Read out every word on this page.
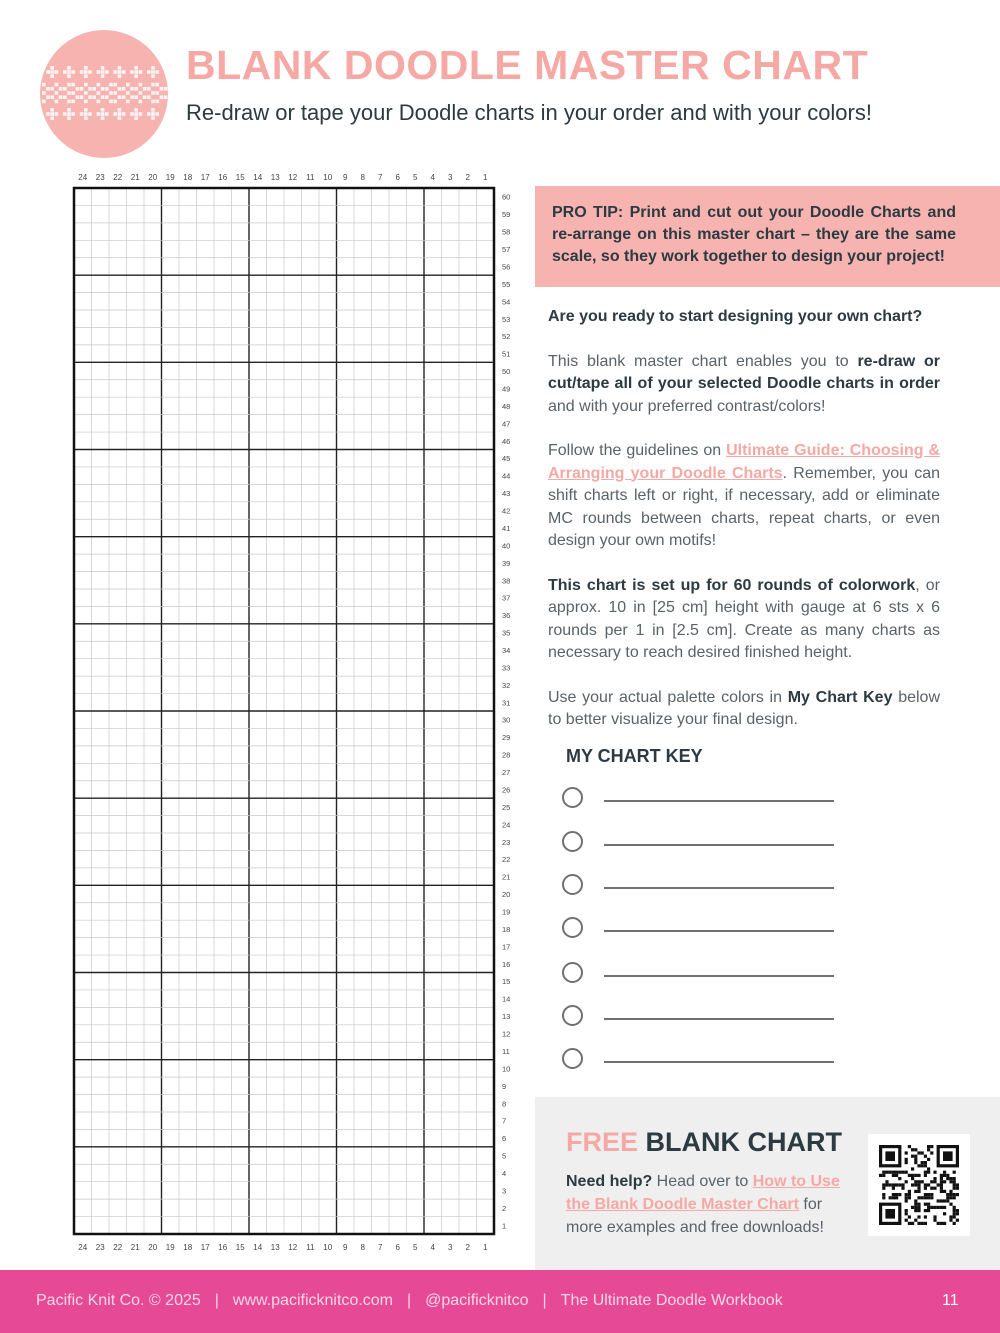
BLANK DOODLE MASTER CHART

Re-draw or tape your Doodle charts in your order and with your colors!

24
24
23
23
22
22
21
21
20
20
19
19
18
18
17
17
16
16
15
15
14
14
13
13
12
12
11
11
10
10
9
9
8
8
7
7
6
6
5
5
4
4
3
3
2
2
1
1
60
59
58
57
56
55
54
53
52
51
50
49
48
47
46
45
44
43
42
41
40
39
38
37
36
35
34
33
32
31
30
29
28
27
26
25
24
23
22
21
20
19
18
17
16
15
14
13
12
11
10
9
8
7
6
5
4
3
2
1
PRO TIP: Print and cut out your Doodle Charts and re-arrange on this master chart – they are the same scale, so they work together to design your project!

Are you ready to start designing your own chart?

This blank master chart enables you to re-draw or cut/tape all of your selected Doodle charts in order and with your preferred contrast/colors!

Follow the guidelines on Ultimate Guide: Choosing & Arranging your Doodle Charts. Remember, you can shift charts left or right, if necessary, add or eliminate MC rounds between charts, repeat charts, or even design your own motifs!

This chart is set up for 60 rounds of colorwork, or approx. 10 in [25 cm] height with gauge at 6 sts x 6 rounds per 1 in [2.5 cm]. Create as many charts as necessary to reach desired finished height.

Use your actual palette colors in My Chart Key below to better visualize your final design.

MY CHART KEY
FREE BLANK CHART
Need help? Head over to How to Use the Blank Doodle Master Chart for more examples and free downloads!
Pacific Knit Co. © 2025 | www.pacificknitco.com | @pacificknitco | The Ultimate Doodle Workbook	11
